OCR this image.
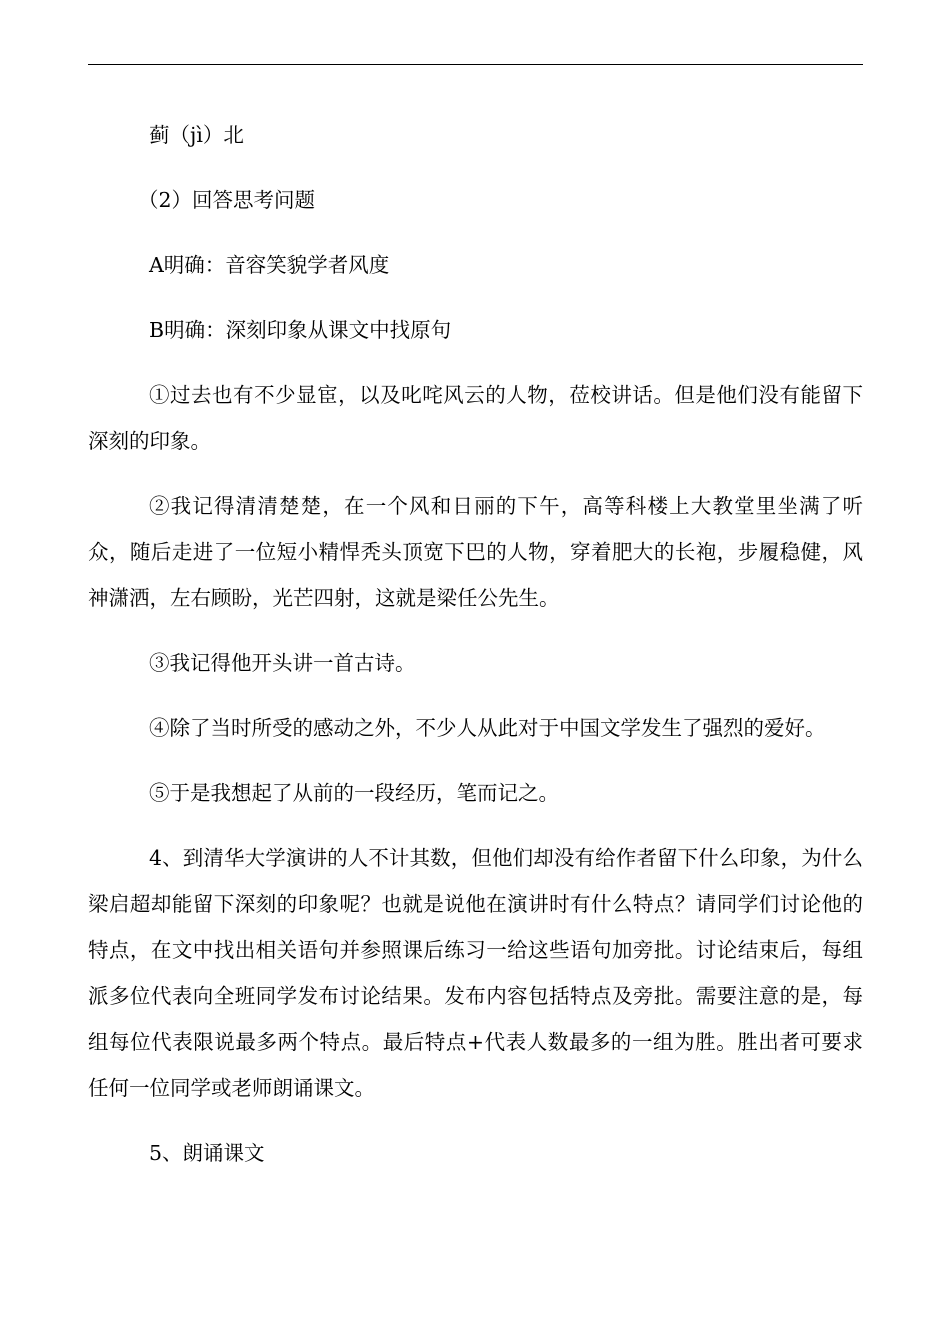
蓟（jì）北

（2）回答思考问题

A明确：音容笑貌学者风度

B明确：深刻印象从课文中找原句

①过去也有不少显宦，以及叱咤风云的人物，莅校讲话。但是他们没有能留下深刻的印象。

②我记得清清楚楚，在一个风和日丽的下午，高等科楼上大教堂里坐满了听众，随后走进了一位短小精悍秃头顶宽下巴的人物，穿着肥大的长袍，步履稳健，风神潇洒，左右顾盼，光芒四射，这就是梁任公先生。

③我记得他开头讲一首古诗。

④除了当时所受的感动之外，不少人从此对于中国文学发生了强烈的爱好。

⑤于是我想起了从前的一段经历，笔而记之。

4、到清华大学演讲的人不计其数，但他们却没有给作者留下什么印象，为什么梁启超却能留下深刻的印象呢？也就是说他在演讲时有什么特点？请同学们讨论他的特点，在文中找出相关语句并参照课后练习一给这些语句加旁批。讨论结束后，每组派多位代表向全班同学发布讨论结果。发布内容包括特点及旁批。需要注意的是，每组每位代表限说最多两个特点。最后特点+代表人数最多的一组为胜。胜出者可要求任何一位同学或老师朗诵课文。

5、朗诵课文
